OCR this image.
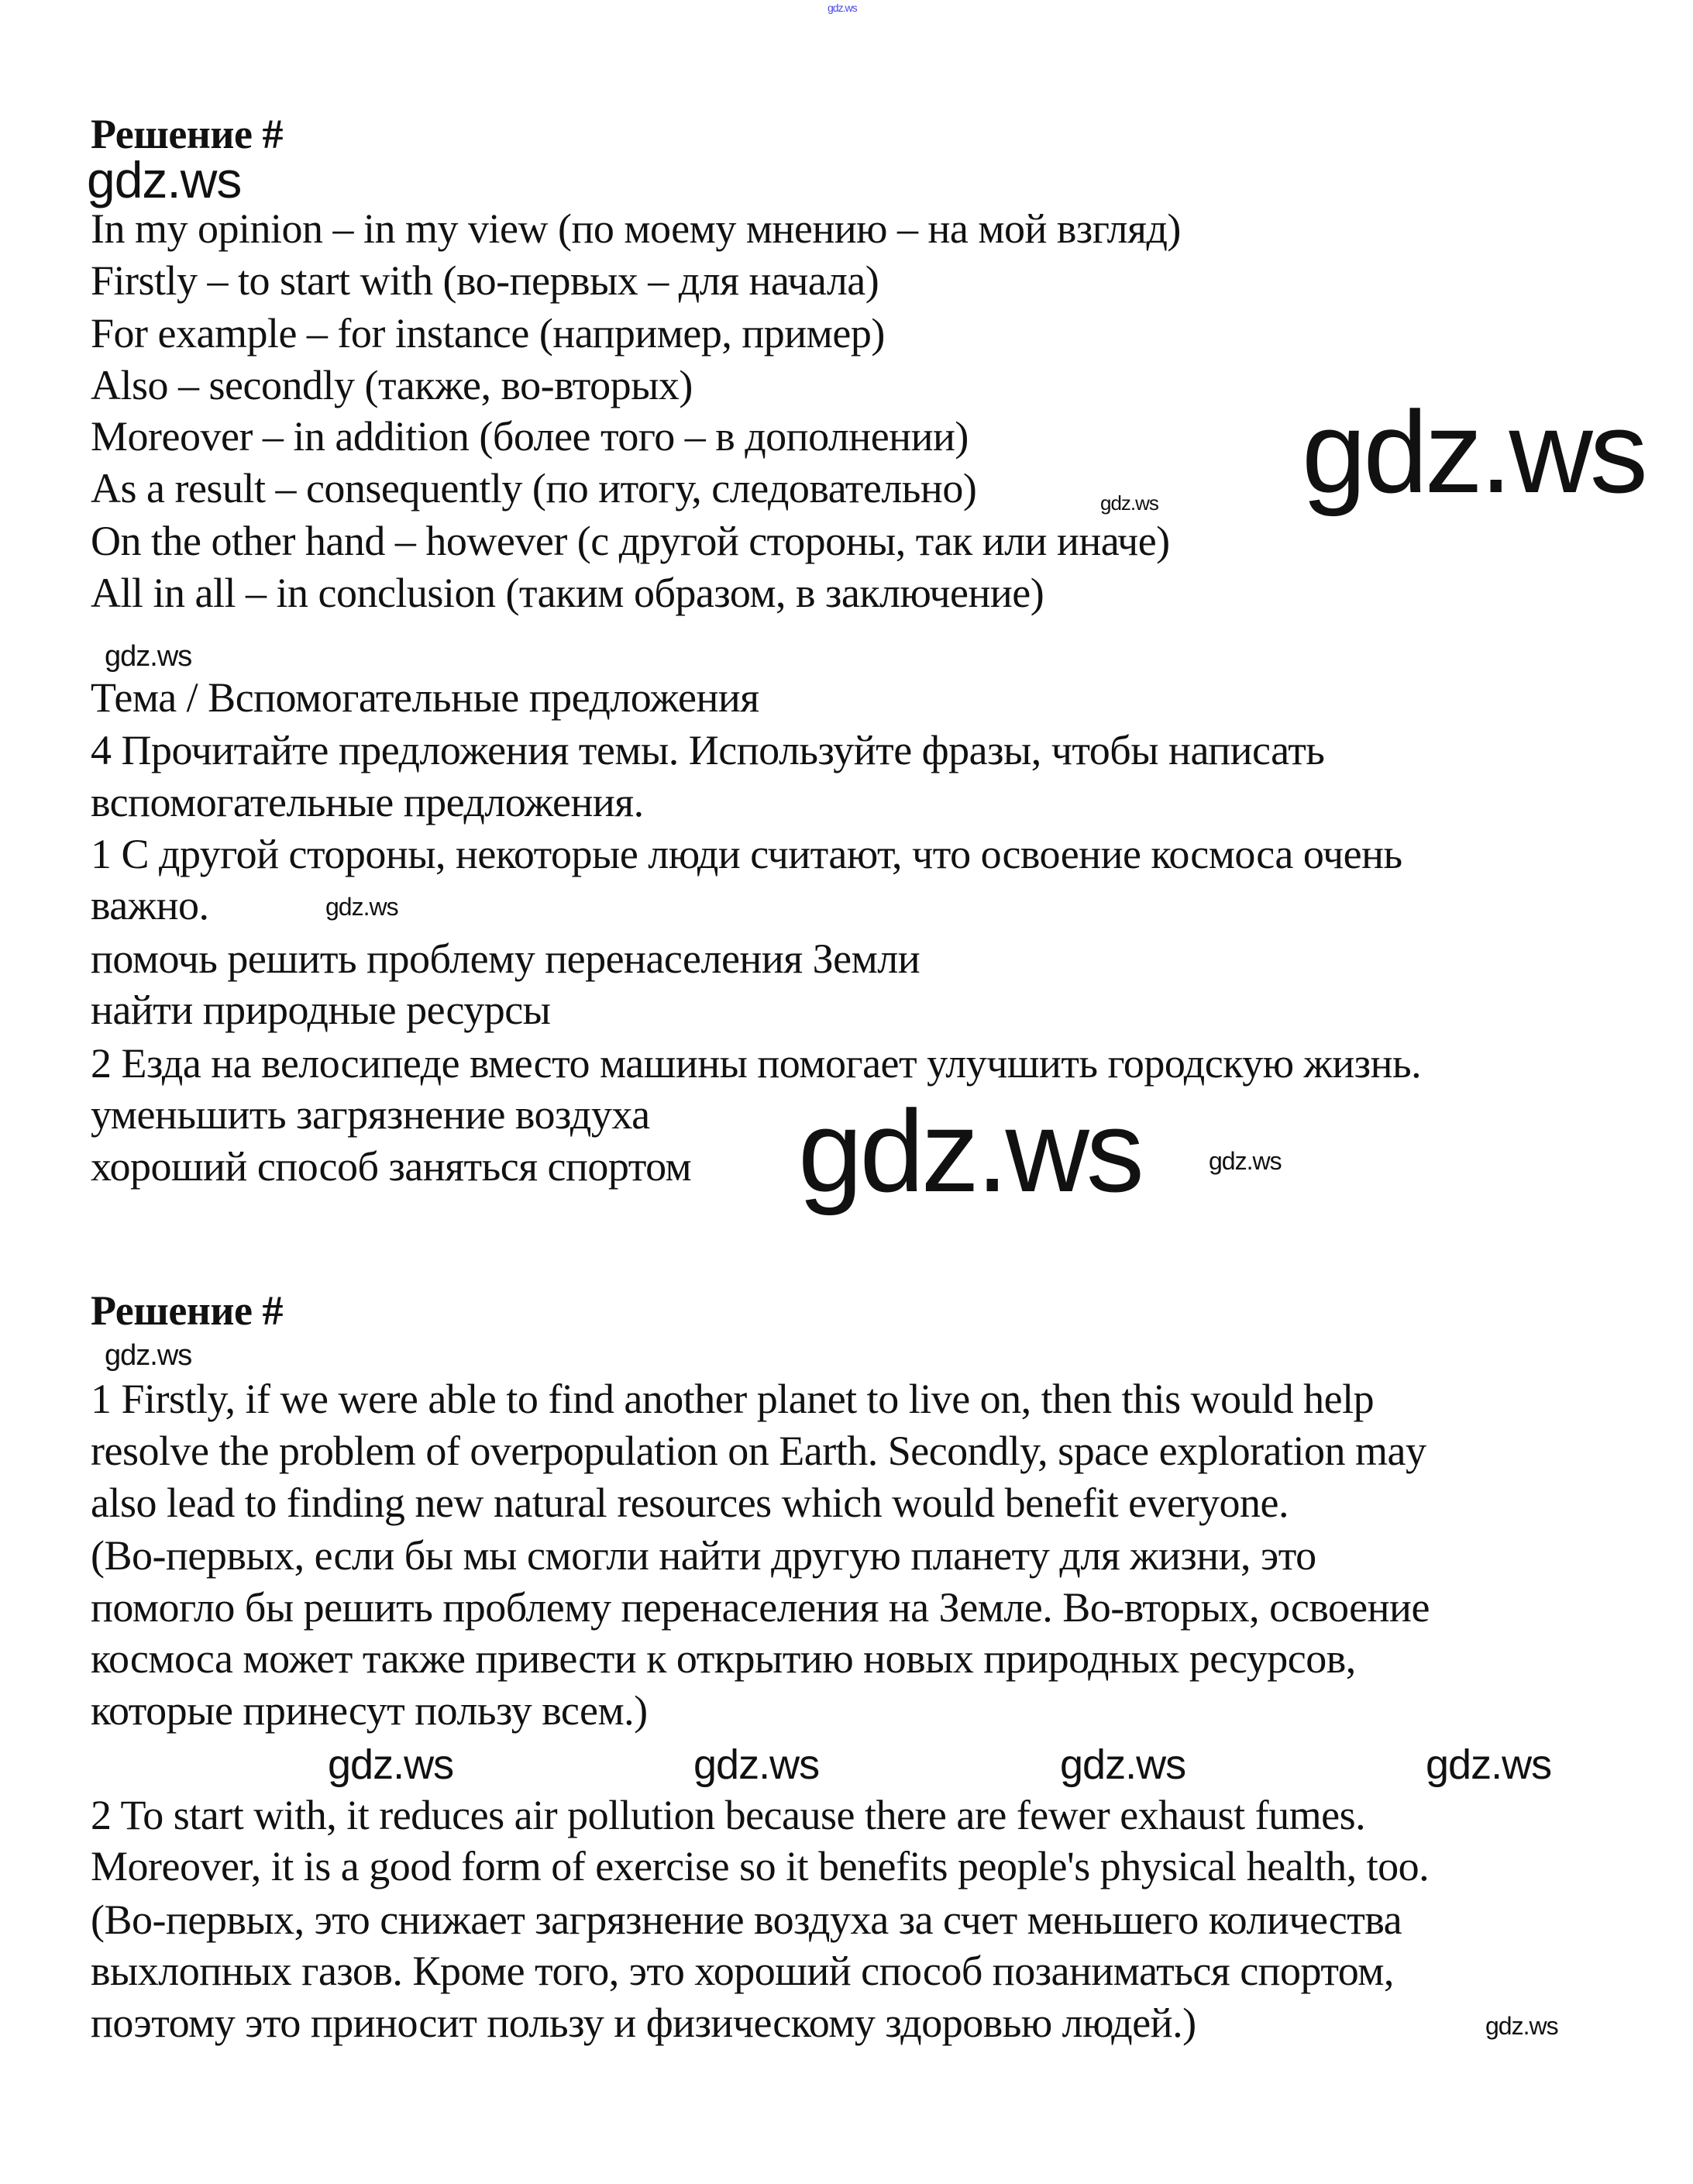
gdz.ws
Решение #
gdz.ws
In my opinion – in my view (по моему мнению – на мой взгляд)
Firstly – to start with (во-первых – для начала)
For example – for instance (например, пример)
Also – secondly (также, во-вторых)
Moreover – in addition (более того – в дополнении)
As a result – consequently (по итогу, следовательно)
On the other hand – however (с другой стороны, так или иначе)
All in all – in conclusion (таким образом, в заключение)
gdz.ws
gdz.ws
gdz.ws
Тема / Вспомогательные предложения
4 Прочитайте предложения темы. Используйте фразы, чтобы написать
вспомогательные предложения.
1 С другой стороны, некоторые люди считают, что освоение космоса очень
важно.	gdz.ws
помочь решить проблему перенаселения Земли
найти природные ресурсы
2 Езда на велосипеде вместо машины помогает улучшить городскую жизнь.
уменьшить загрязнение воздуха
хороший способ заняться спортом gdz.ws	gdz.ws
Решение #
gdz.ws
1 Firstly, if we were able to find another planet to live on, then this would help
resolve the problem of overpopulation on Earth. Secondly, space exploration may
also lead to finding new natural resources which would benefit everyone.
(Во-первых, если бы мы смогли найти другую планету для жизни, это
помогло бы решить проблему перенаселения на Земле. Во-вторых, освоение
космоса может также привести к открытию новых природных ресурсов,
которые принесут пользу всем.)
gdz.ws	gdz.ws	gdz.ws	gdz.ws
2 To start with, it reduces air pollution because there are fewer exhaust fumes.
Moreover, it is a good form of exercise so it benefits people's physical health, too.
(Во-первых, это снижает загрязнение воздуха за счет меньшего количества
выхлопных газов. Кроме того, это хороший способ позаниматься спортом,
поэтому это приносит пользу и физическому здоровью людей.)	gdz.ws
